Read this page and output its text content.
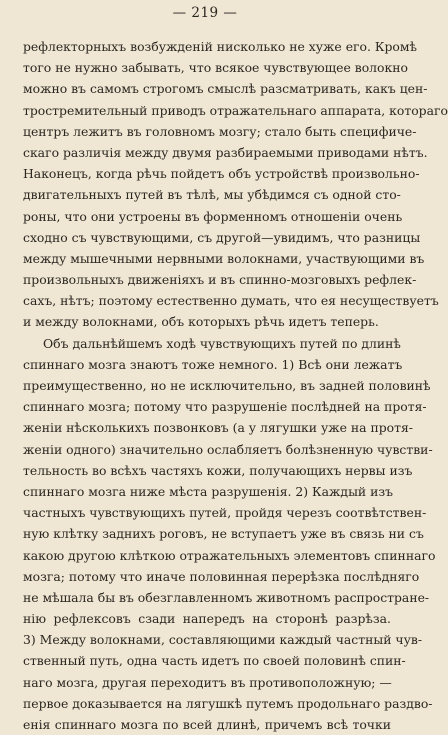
— 219 —
рефлекторныхъ возбужденій нисколько не хуже его. Кромѣ
того не нужно забывать, что всякое чувствующее волокно
можно въ самомъ строгомъ смыслѣ разсматривать, какъ цен-
тростремительный приводъ отражательнаго аппарата, котораго
центръ лежитъ въ головномъ мозгу; стало быть специфиче-
скаго различія между двумя разбираемыми приводами нѣтъ.
Наконецъ, когда рѣчь пойдетъ объ устройствѣ произвольно-
двигательныхъ путей въ тѣлѣ, мы убѣдимся съ одной сто-
роны, что они устроены въ форменномъ отношеніи очень
сходно съ чувствующими, съ другой—увидимъ, что разницы
между мышечными нервными волокнами, участвующими въ
произвольныхъ движеніяхъ и въ спинно-мозговыхъ рефлек-
сахъ, нѣтъ; поэтому естественно думать, что ея несуществуетъ
и между волокнами, объ которыхъ рѣчь идетъ теперь.
Объ дальнѣйшемъ ходѣ чувствующихъ путей по длинѣ
спиннаго мозга знаютъ тоже немного. 1) Всѣ они лежатъ
преимущественно, но не исключительно, въ задней половинѣ
спиннаго мозга; потому что разрушеніе послѣдней на протя-
женіи нѣсколькихъ позвонковъ (а у лягушки уже на протя-
женіи одного) значительно ослабляетъ болѣзненную чувстви-
тельность во всѣхъ частяхъ кожи, получающихъ нервы изъ
спиннаго мозга ниже мѣста разрушенія. 2) Каждый изъ
частныхъ чувствующихъ путей, пройдя черезъ соотвѣтствен-
ную клѣтку заднихъ роговъ, не вступаетъ уже въ связь ни съ
какою другою клѣткою отражательныхъ элементовъ спиннаго
мозга; потому что иначе половинная перерѣзка послѣдняго
не мѣшала бы въ обезглавленномъ животномъ распростране-
нію рефлексовъ сзади напередъ на сторонѣ разрѣза.
3) Между волокнами, составляющими каждый частный чув-
ственный путь, одна часть идетъ по своей половинѣ спин-
наго мозга, другая переходитъ въ противоположную; —
первое доказывается на лягушкѣ путемъ продольнаго раздво-
енія спиннаго мозга по всей длинѣ, причемъ всѣ точки
